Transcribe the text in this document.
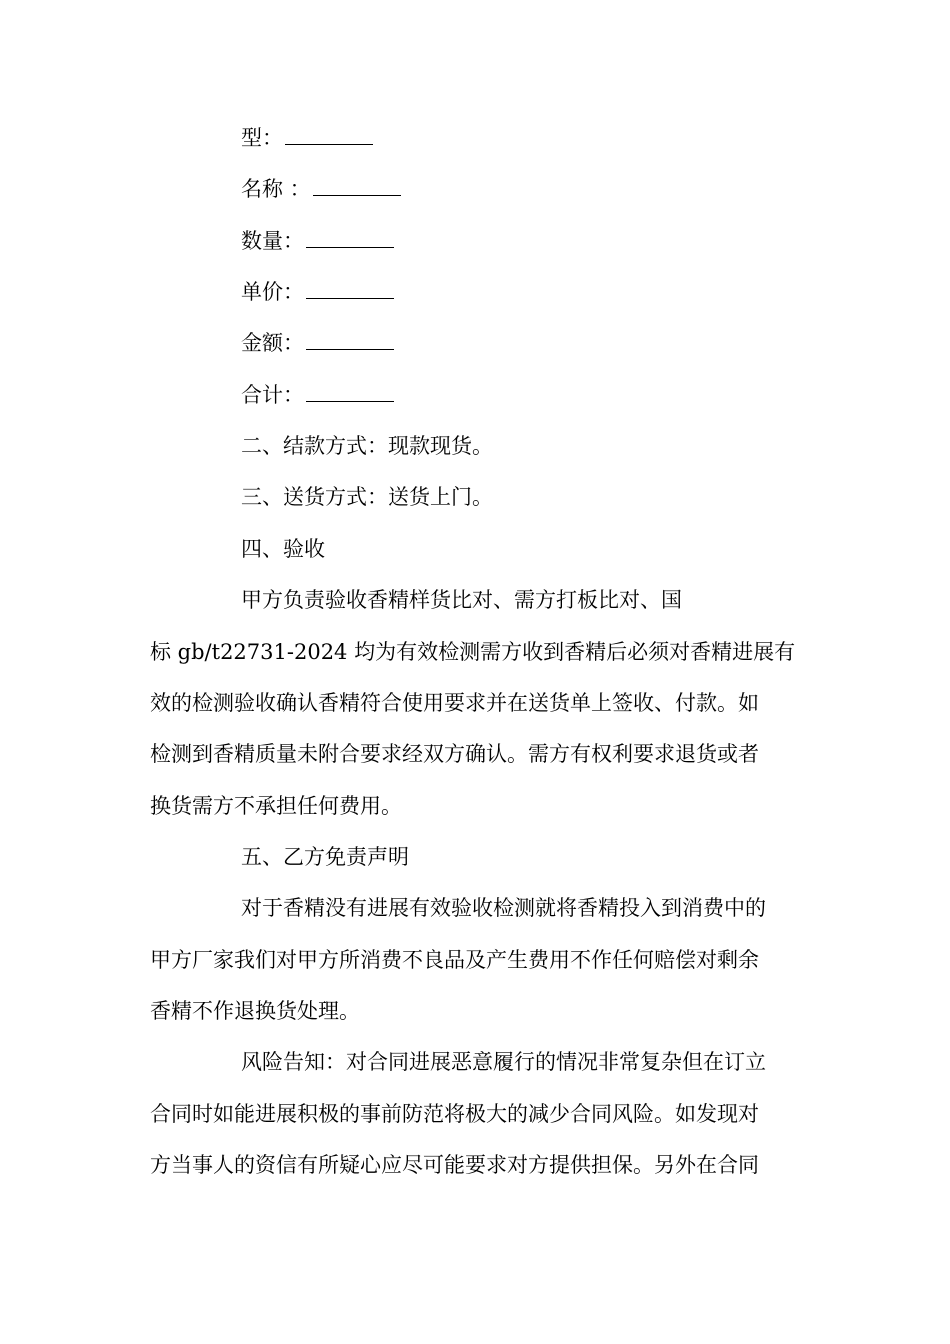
型：
名称 ：
数量：
单价：
金额：
合计：
二、结款方式：现款现货。
三、送货方式：送货上门。
四、验收
甲方负责验收香精样货比对、需方打板比对、国
标 gb/t22731-2024 均为有效检测需方收到香精后必须对香精进展有
效的检测验收确认香精符合使用要求并在送货单上签收、付款。如
检测到香精质量未附合要求经双方确认。需方有权利要求退货或者
换货需方不承担任何费用。
五、乙方免责声明
对于香精没有进展有效验收检测就将香精投入到消费中的
甲方厂家我们对甲方所消费不良品及产生费用不作任何赔偿对剩余
香精不作退换货处理。
风险告知：对合同进展恶意履行的情况非常复杂但在订立
合同时如能进展积极的事前防范将极大的减少合同风险。如发现对
方当事人的资信有所疑心应尽可能要求对方提供担保。另外在合同
